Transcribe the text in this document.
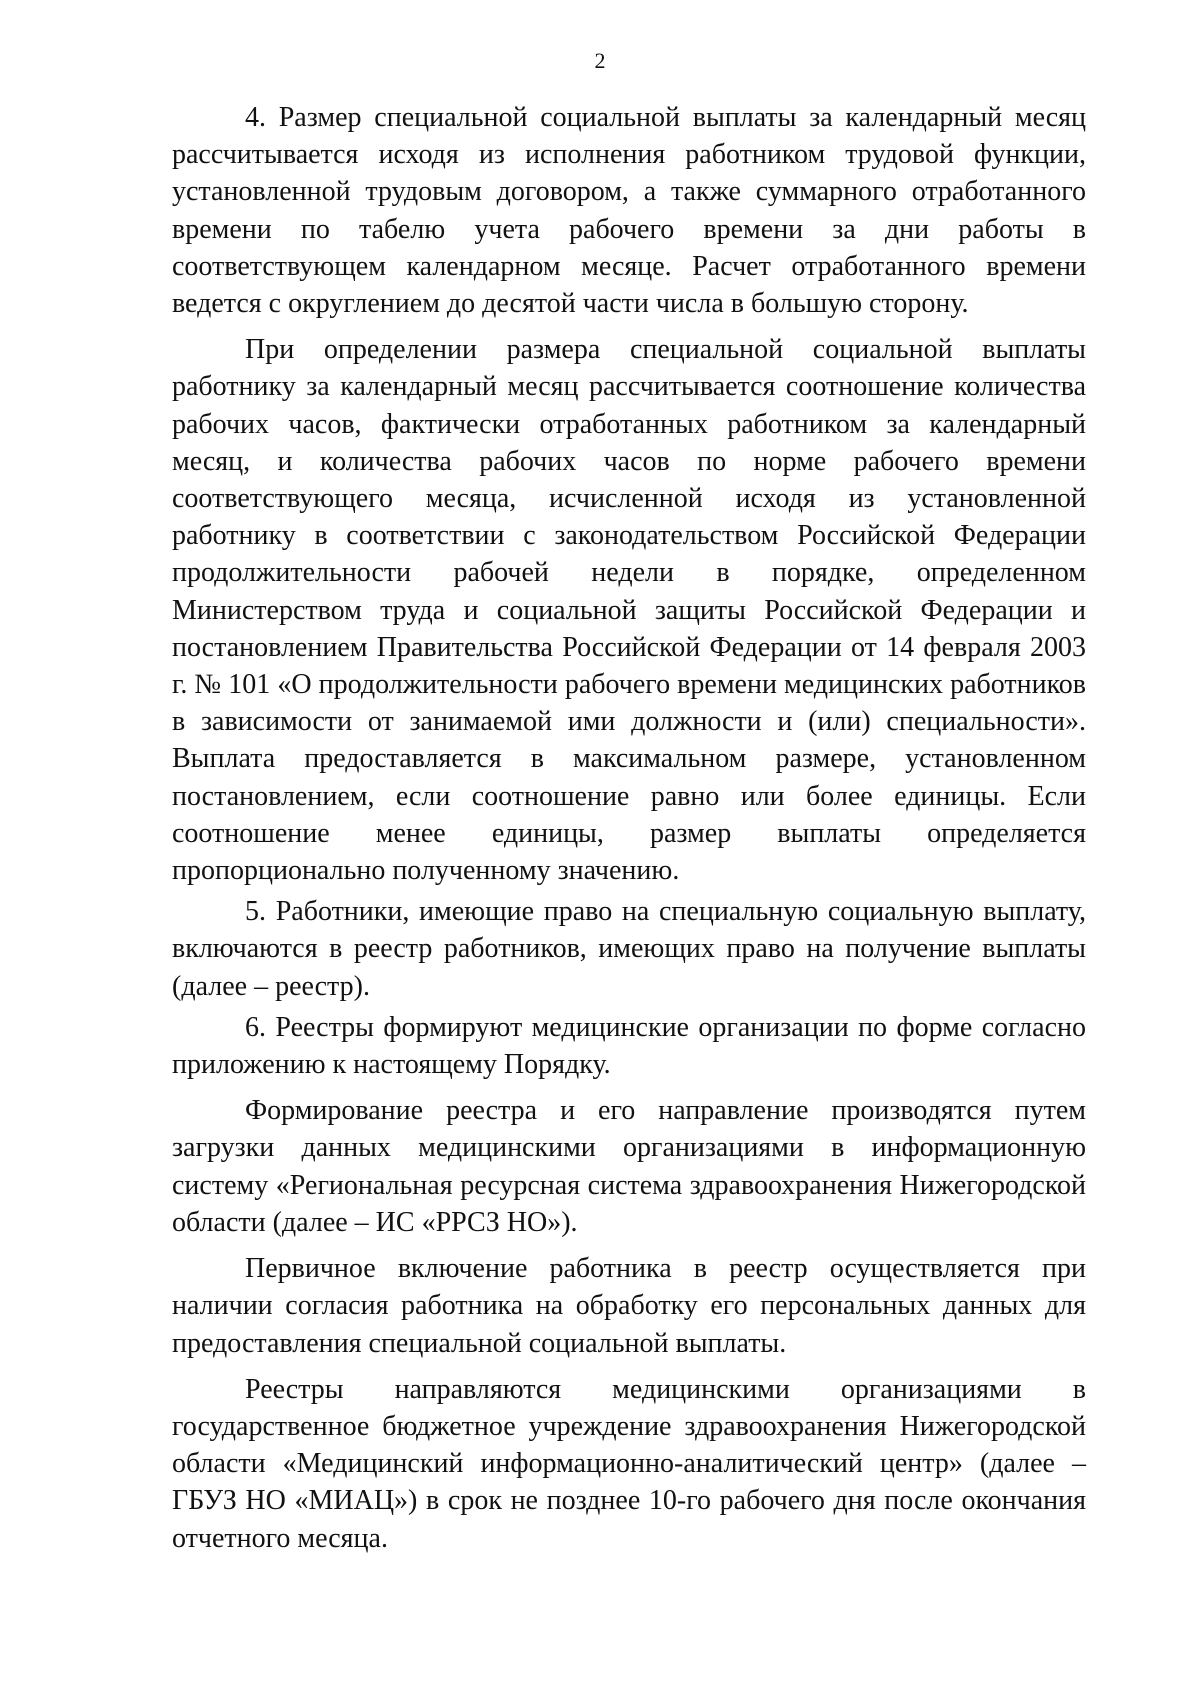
2

4. Размер специальной социальной выплаты за календарный месяц рассчитывается исходя из исполнения работником трудовой функции, установленной трудовым договором, а также суммарного отработанного времени по табелю учета рабочего времени за дни работы в соответствующем календарном месяце. Расчет отработанного времени ведется с округлением до десятой части числа в большую сторону.

При определении размера специальной социальной выплаты работнику за календарный месяц рассчитывается соотношение количества рабочих часов, фактически отработанных работником за календарный месяц, и количества рабочих часов по норме рабочего времени соответствующего месяца, исчисленной исходя из установленной работнику в соответствии с законодательством Российской Федерации продолжительности рабочей недели в порядке, определенном Министерством труда и социальной защиты Российской Федерации и постановлением Правительства Российской Федерации от 14 февраля 2003 г. № 101 «О продолжительности рабочего времени медицинских работников в зависимости от занимаемой ими должности и (или) специальности». Выплата предоставляется в максимальном размере, установленном постановлением, если соотношение равно или более единицы. Если соотношение менее единицы, размер выплаты определяется пропорционально полученному значению.

5. Работники, имеющие право на специальную социальную выплату, включаются в реестр работников, имеющих право на получение выплаты (далее – реестр).

6. Реестры формируют медицинские организации по форме согласно приложению к настоящему Порядку.

Формирование реестра и его направление производятся путем загрузки данных медицинскими организациями в информационную систему «Региональная ресурсная система здравоохранения Нижегородской области (далее – ИС «РРСЗ НО»).

Первичное включение работника в реестр осуществляется при наличии согласия работника на обработку его персональных данных для предоставления специальной социальной выплаты.

Реестры направляются медицинскими организациями в государственное бюджетное учреждение здравоохранения Нижегородской области «Медицинский информационно-аналитический центр» (далее – ГБУЗ НО «МИАЦ») в срок не позднее 10-го рабочего дня после окончания отчетного месяца.
